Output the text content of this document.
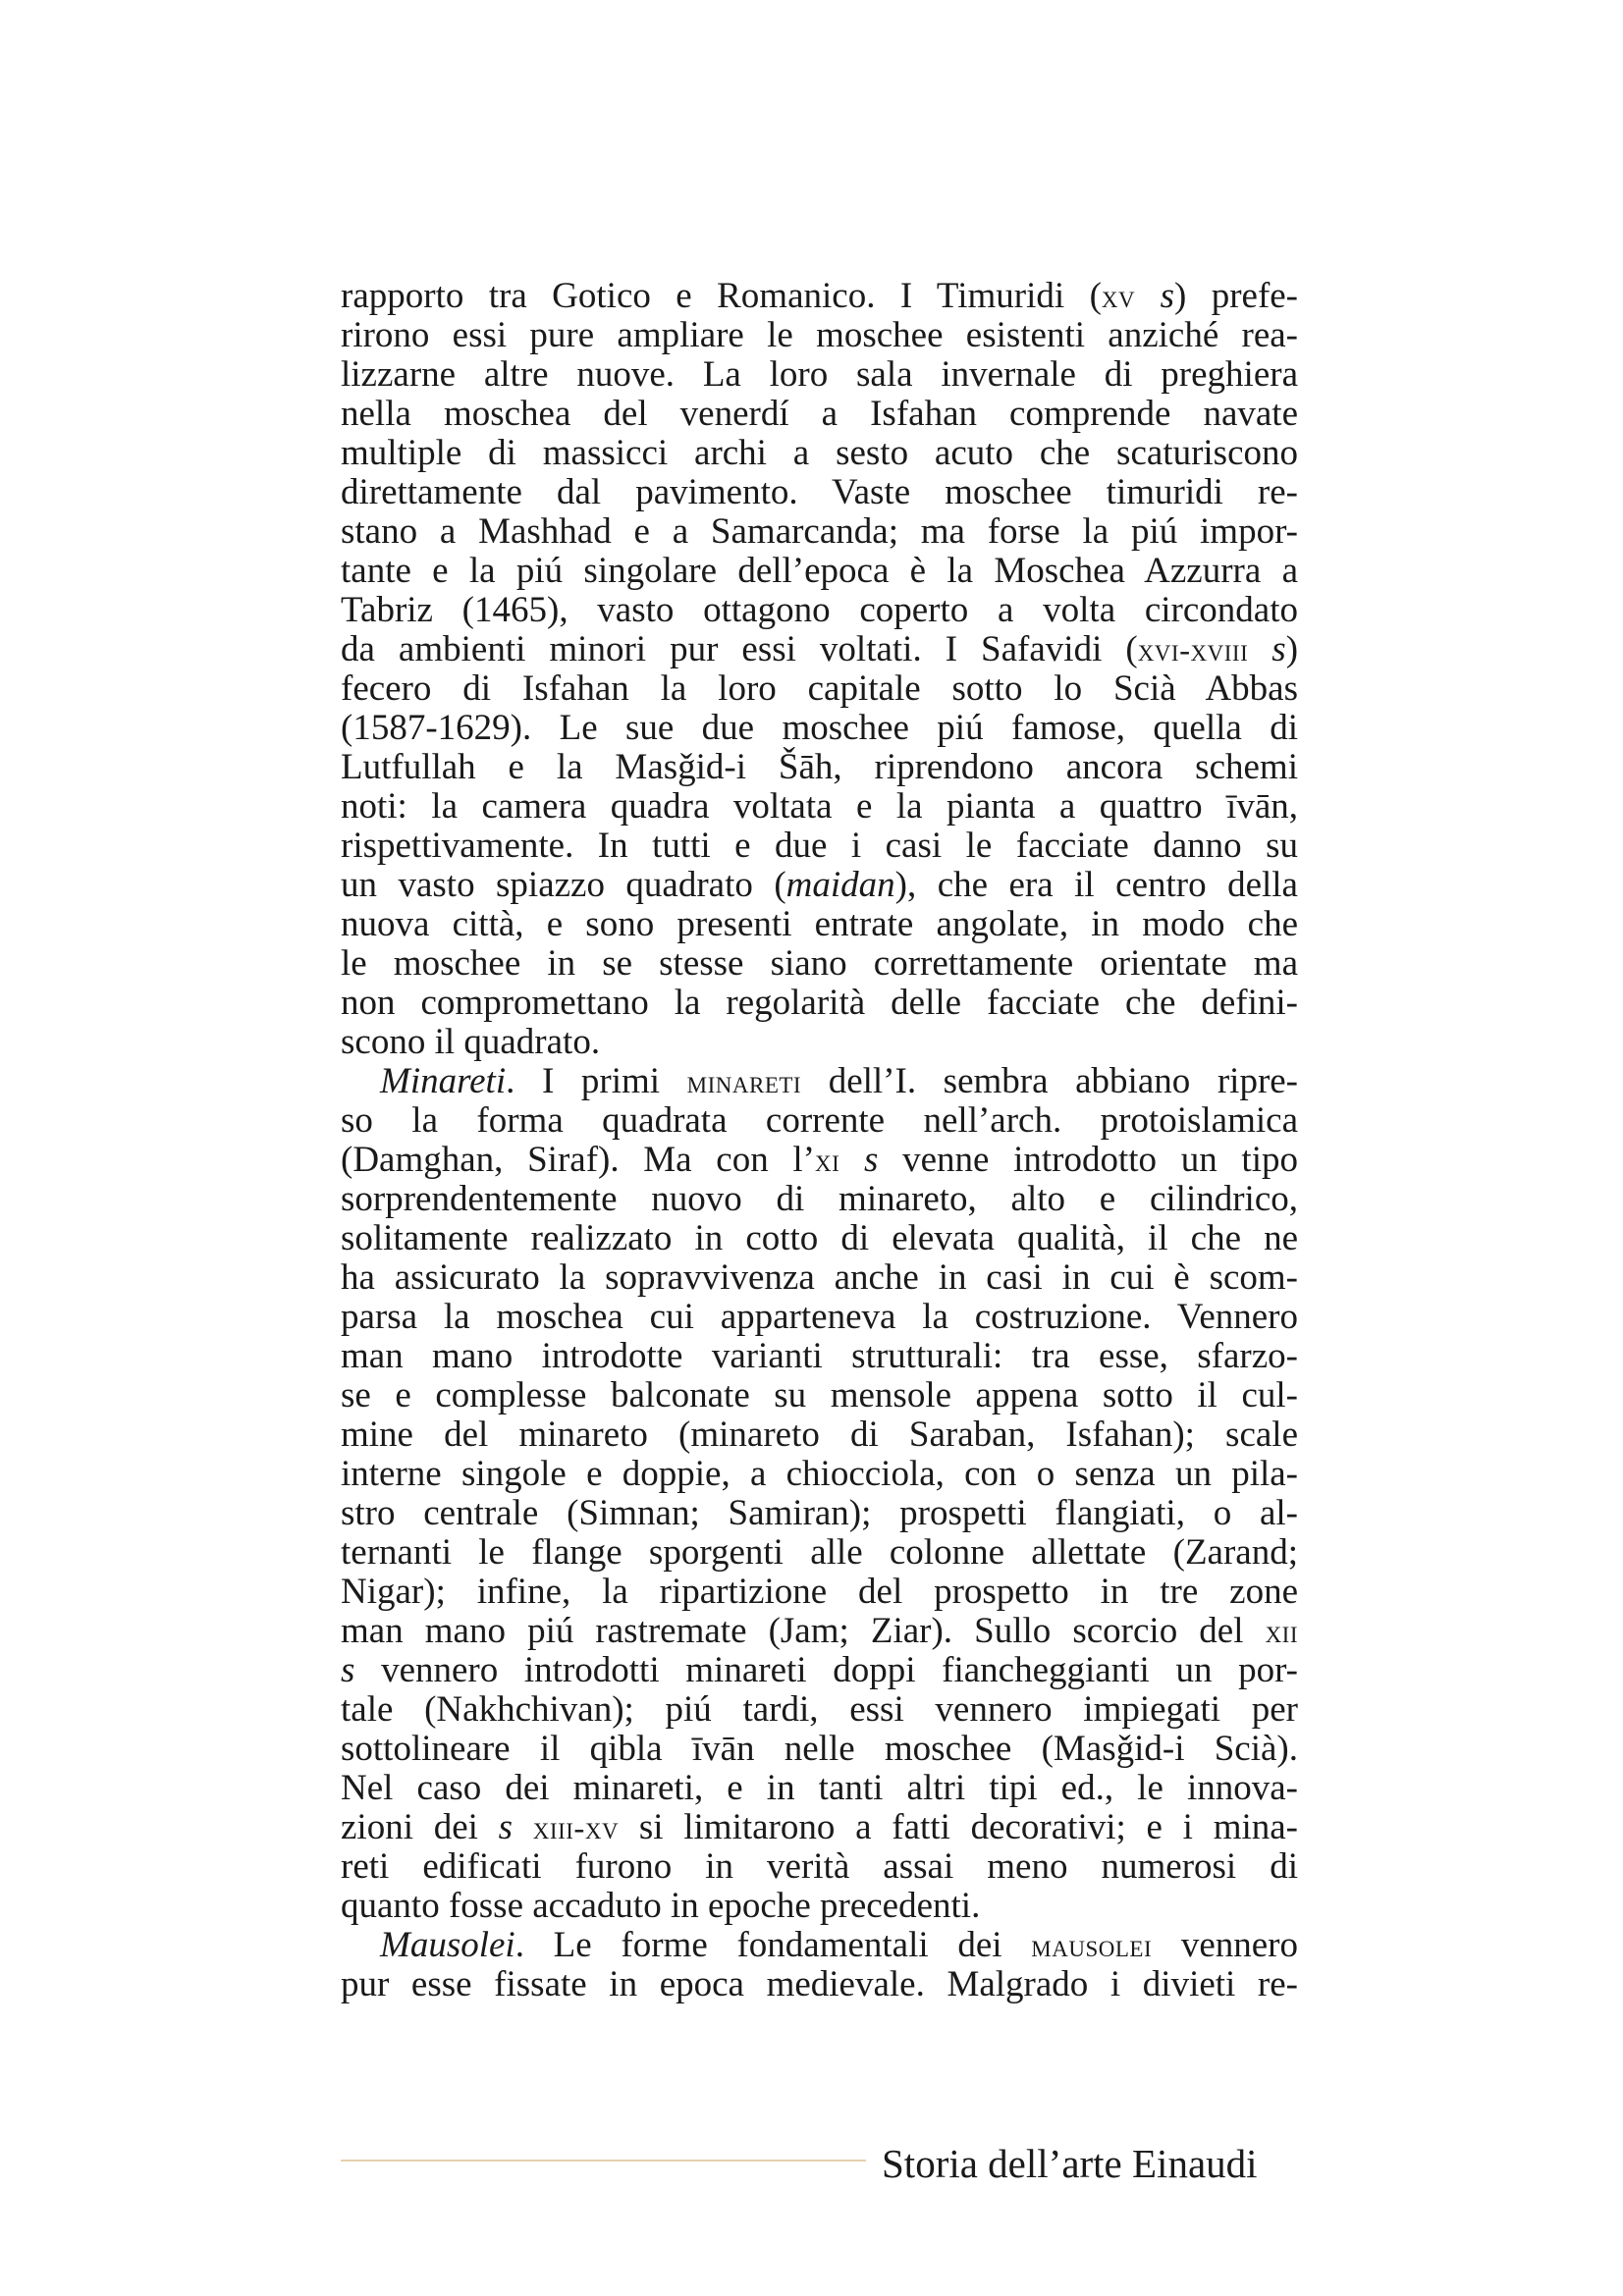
rapporto tra Gotico e Romanico. I Timuridi (xv s) prefe-
rirono essi pure ampliare le moschee esistenti anziché rea-
lizzarne altre nuove. La loro sala invernale di preghiera
nella moschea del venerdí a Isfahan comprende navate
multiple di massicci archi a sesto acuto che scaturiscono
direttamente dal pavimento. Vaste moschee timuridi re-
stano a Mashhad e a Samarcanda; ma forse la piú impor-
tante e la piú singolare dell’epoca è la Moschea Azzurra a
Tabriz (1465), vasto ottagono coperto a volta circondato
da ambienti minori pur essi voltati. I Safavidi (xvi-xviii s)
fecero di Isfahan la loro capitale sotto lo Scià Abbas
(1587-1629). Le sue due moschee piú famose, quella di
Lutfullah e la Masǧid-i Šāh, riprendono ancora schemi
noti: la camera quadra voltata e la pianta a quattro īvān,
rispettivamente. In tutti e due i casi le facciate danno su
un vasto spiazzo quadrato (maidan), che era il centro della
nuova città, e sono presenti entrate angolate, in modo che
le moschee in se stesse siano correttamente orientate ma
non compromettano la regolarità delle facciate che defini-
scono il quadrato.
Minareti. I primi minareti dell’I. sembra abbiano ripre-
so la forma quadrata corrente nell’arch. protoislamica
(Damghan, Siraf). Ma con l’xi s venne introdotto un tipo
sorprendentemente nuovo di minareto, alto e cilindrico,
solitamente realizzato in cotto di elevata qualità, il che ne
ha assicurato la sopravvivenza anche in casi in cui è scom-
parsa la moschea cui apparteneva la costruzione. Vennero
man mano introdotte varianti strutturali: tra esse, sfarzo-
se e complesse balconate su mensole appena sotto il cul-
mine del minareto (minareto di Saraban, Isfahan); scale
interne singole e doppie, a chiocciola, con o senza un pila-
stro centrale (Simnan; Samiran); prospetti flangiati, o al-
ternanti le flange sporgenti alle colonne allettate (Zarand;
Nigar); infine, la ripartizione del prospetto in tre zone
man mano piú rastremate (Jam; Ziar). Sullo scorcio del xii
s vennero introdotti minareti doppi fiancheggianti un por-
tale (Nakhchivan); piú tardi, essi vennero impiegati per
sottolineare il qibla īvān nelle moschee (Masǧid-i Scià).
Nel caso dei minareti, e in tanti altri tipi ed., le innova-
zioni dei s xiii-xv si limitarono a fatti decorativi; e i mina-
reti edificati furono in verità assai meno numerosi di
quanto fosse accaduto in epoche precedenti.
Mausolei. Le forme fondamentali dei mausolei vennero
pur esse fissate in epoca medievale. Malgrado i divieti re-
Storia dell’arte Einaudi
